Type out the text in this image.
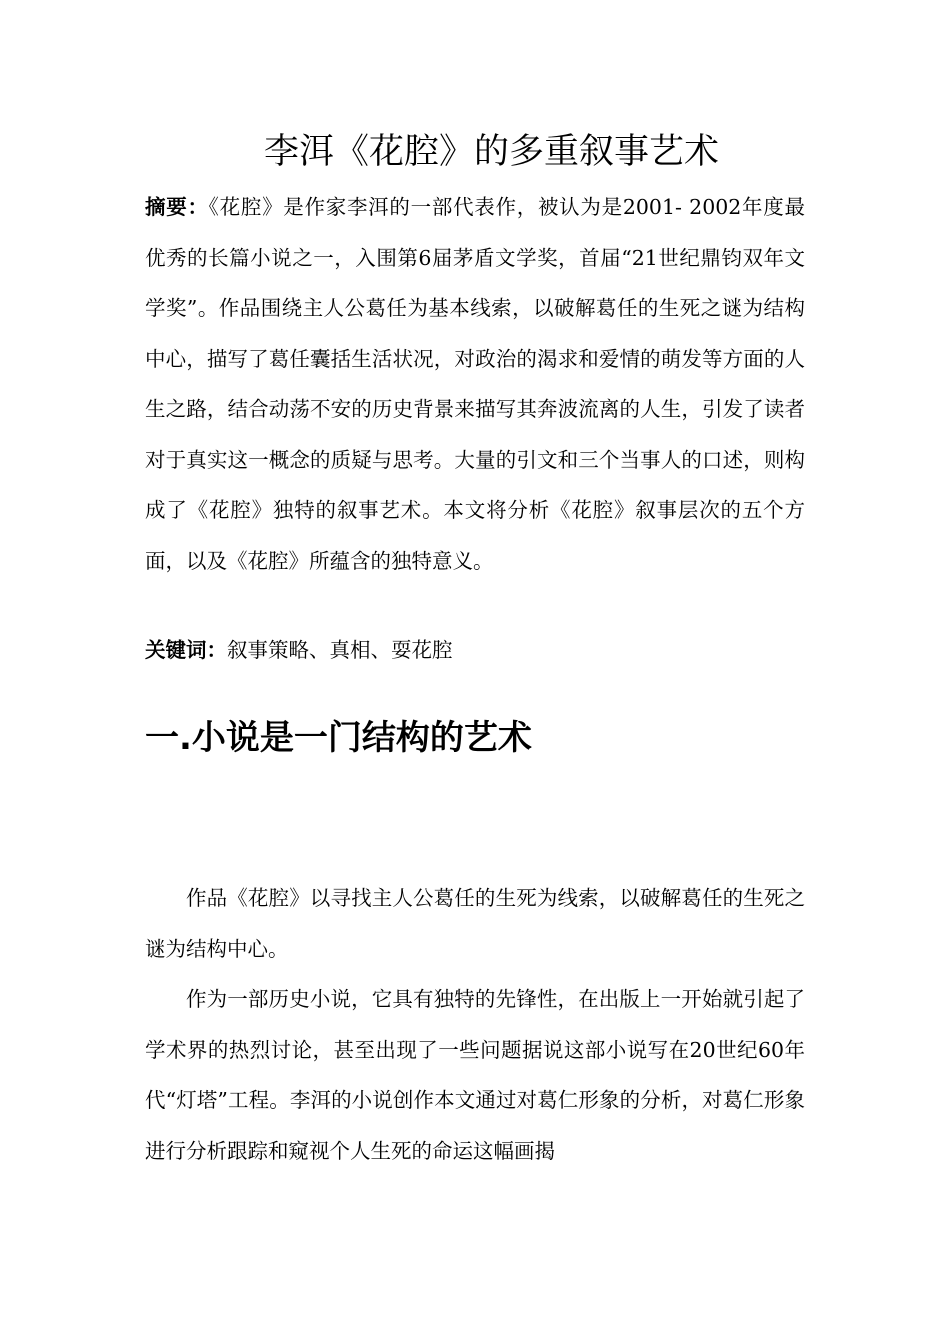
李洱《花腔》的多重叙事艺术
摘要：《花腔》是作家李洱的一部代表作，被认为是2001- 2002年度最优秀的长篇小说之一，入围第6届茅盾文学奖，首届“21世纪鼎钧双年文学奖”。作品围绕主人公葛任为基本线索，以破解葛任的生死之谜为结构中心，描写了葛任囊括生活状况，对政治的渴求和爱情的萌发等方面的人生之路，结合动荡不安的历史背景来描写其奔波流离的人生，引发了读者对于真实这一概念的质疑与思考。大量的引文和三个当事人的口述，则构成了《花腔》独特的叙事艺术。本文将分析《花腔》叙事层次的五个方面，以及《花腔》所蕴含的独特意义。
关键词：叙事策略、真相、耍花腔
一.小说是一门结构的艺术
作品《花腔》以寻找主人公葛任的生死为线索，以破解葛任的生死之谜为结构中心。
作为一部历史小说，它具有独特的先锋性，在出版上一开始就引起了学术界的热烈讨论，甚至出现了一些问题据说这部小说写在20世纪60年代“灯塔”工程。李洱的小说创作本文通过对葛仁形象的分析，对葛仁形象进行分析跟踪和窥视个人生死的命运这幅画揭
